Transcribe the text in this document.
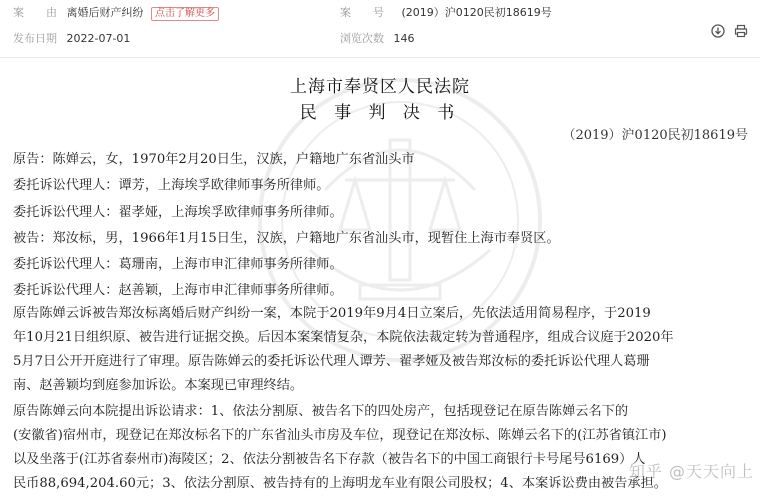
案　　由 离婚后财产纠纷 点击了解更多	案　　号 (2019）沪0120民初18619号
发布日期 2022-07-01	浏览次数 146

上海市奉贤区人民法院
民 事 判 决 书
（2019）沪0120民初18619号
原告：陈婵云，女，1970年2月20日生，汉族，户籍地广东省汕头市
委托诉讼代理人：谭芳，上海埃孚欧律师事务所律师。
委托诉讼代理人：翟孝娅，上海埃孚欧律师事务所律师。
被告：郑汝标，男，1966年1月15日生，汉族，户籍地广东省汕头市，现暂住上海市奉贤区。
委托诉讼代理人：葛珊南，上海市申汇律师事务所律师。
委托诉讼代理人：赵善颖，上海市申汇律师事务所律师。
原告陈婵云诉被告郑汝标离婚后财产纠纷一案，本院于2019年9月4日立案后，先依法适用简易程序，于2019
年10月21日组织原、被告进行证据交换。后因本案案情复杂，本院依法裁定转为普通程序，组成合议庭于2020年
5月7日公开开庭进行了审理。原告陈婵云的委托诉讼代理人谭芳、翟孝娅及被告郑汝标的委托诉讼代理人葛珊
南、赵善颖均到庭参加诉讼。本案现已审理终结。
原告陈婵云向本院提出诉讼请求：1、依法分割原、被告名下的四处房产，包括现登记在原告陈婵云名下的
(安徽省)宿州市，现登记在郑汝标名下的广东省汕头市房及车位，现登记在郑汝标、陈婵云名下的(江苏省镇江市)
以及坐落于(江苏省泰州市)海陵区；2、依法分割被告名下存款（被告名下的中国工商银行卡号尾号6169）人
民币88,694,204.60元；3、依法分割原、被告持有的上海明龙车业有限公司股权；4、本案诉讼费由被告承担。
知乎 @天天向上
